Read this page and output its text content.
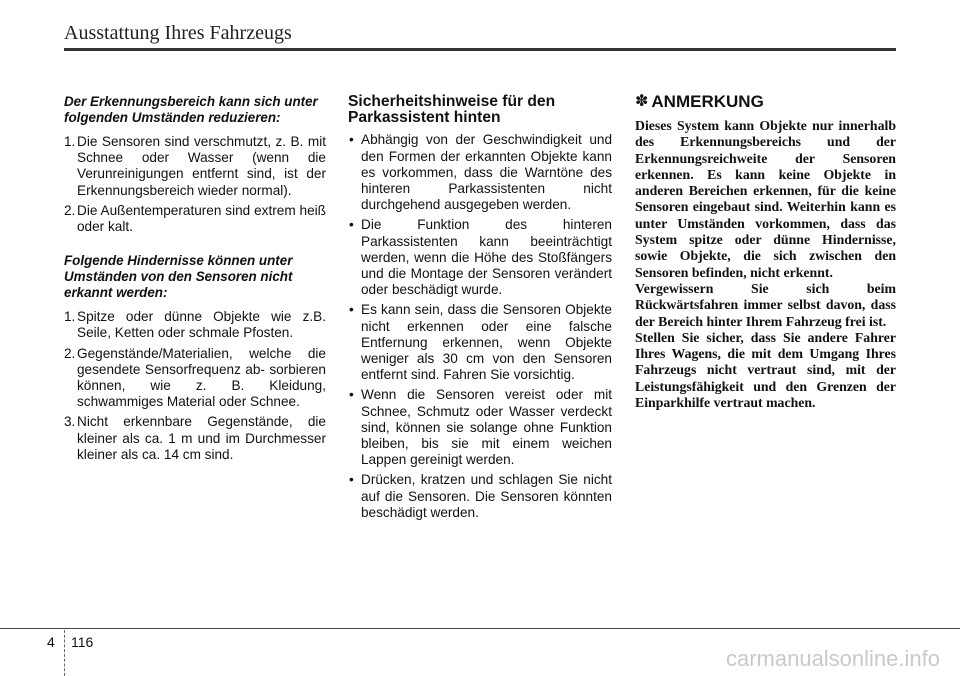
Ausstattung Ihres Fahrzeugs
Der Erkennungsbereich kann sich unter folgenden Umständen reduzieren:
1. Die Sensoren sind verschmutzt, z. B. mit Schnee oder Wasser (wenn die Verunreinigungen entfernt sind, ist der Erkennungsbereich wieder normal).
2. Die Außentemperaturen sind extrem heiß oder kalt.
Folgende Hindernisse können unter Umständen von den Sensoren nicht erkannt werden:
1. Spitze oder dünne Objekte wie z.B. Seile, Ketten oder schmale Pfosten.
2. Gegenstände/Materialien, welche die gesendete Sensorfrequenz ab- sorbieren können, wie z. B. Kleidung, schwammiges Material oder Schnee.
3. Nicht erkennbare Gegenstände, die kleiner als ca. 1 m und im Durchmesser kleiner als ca. 14 cm sind.
Sicherheitshinweise für den Parkassistent hinten
• Abhängig von der Geschwindigkeit und den Formen der erkannten Objekte kann es vorkommen, dass die Warntöne des hinteren Parkassistenten nicht durchgehend ausgegeben werden.
• Die Funktion des hinteren Parkassistenten kann beeinträchtigt werden, wenn die Höhe des Stoßfängers und die Montage der Sensoren verändert oder beschädigt wurde.
• Es kann sein, dass die Sensoren Objekte nicht erkennen oder eine falsche Entfernung erkennen, wenn Objekte weniger als 30 cm von den Sensoren entfernt sind. Fahren Sie vorsichtig.
• Wenn die Sensoren vereist oder mit Schnee, Schmutz oder Wasser verdeckt sind, können sie solange ohne Funktion bleiben, bis sie mit einem weichen Lappen gereinigt werden.
• Drücken, kratzen und schlagen Sie nicht auf die Sensoren. Die Sensoren könnten beschädigt werden.
✽ ANMERKUNG

Dieses System kann Objekte nur innerhalb des Erkennungsbereichs und der Erkennungsreichweite der Sensoren erkennen. Es kann keine Objekte in anderen Bereichen erkennen, für die keine Sensoren eingebaut sind. Weiterhin kann es unter Umständen vorkommen, dass das System spitze oder dünne Hindernisse, sowie Objekte, die sich zwischen den Sensoren befinden, nicht erkennt.

Vergewissern Sie sich beim Rückwärtsfahren immer selbst davon, dass der Bereich hinter Ihrem Fahrzeug frei ist.

Stellen Sie sicher, dass Sie andere Fahrer Ihres Wagens, die mit dem Umgang Ihres Fahrzeugs nicht vertraut sind, mit der Leistungsfähigkeit und den Grenzen der Einparkhilfe vertraut machen.

4 116
carmanualsonline.info
